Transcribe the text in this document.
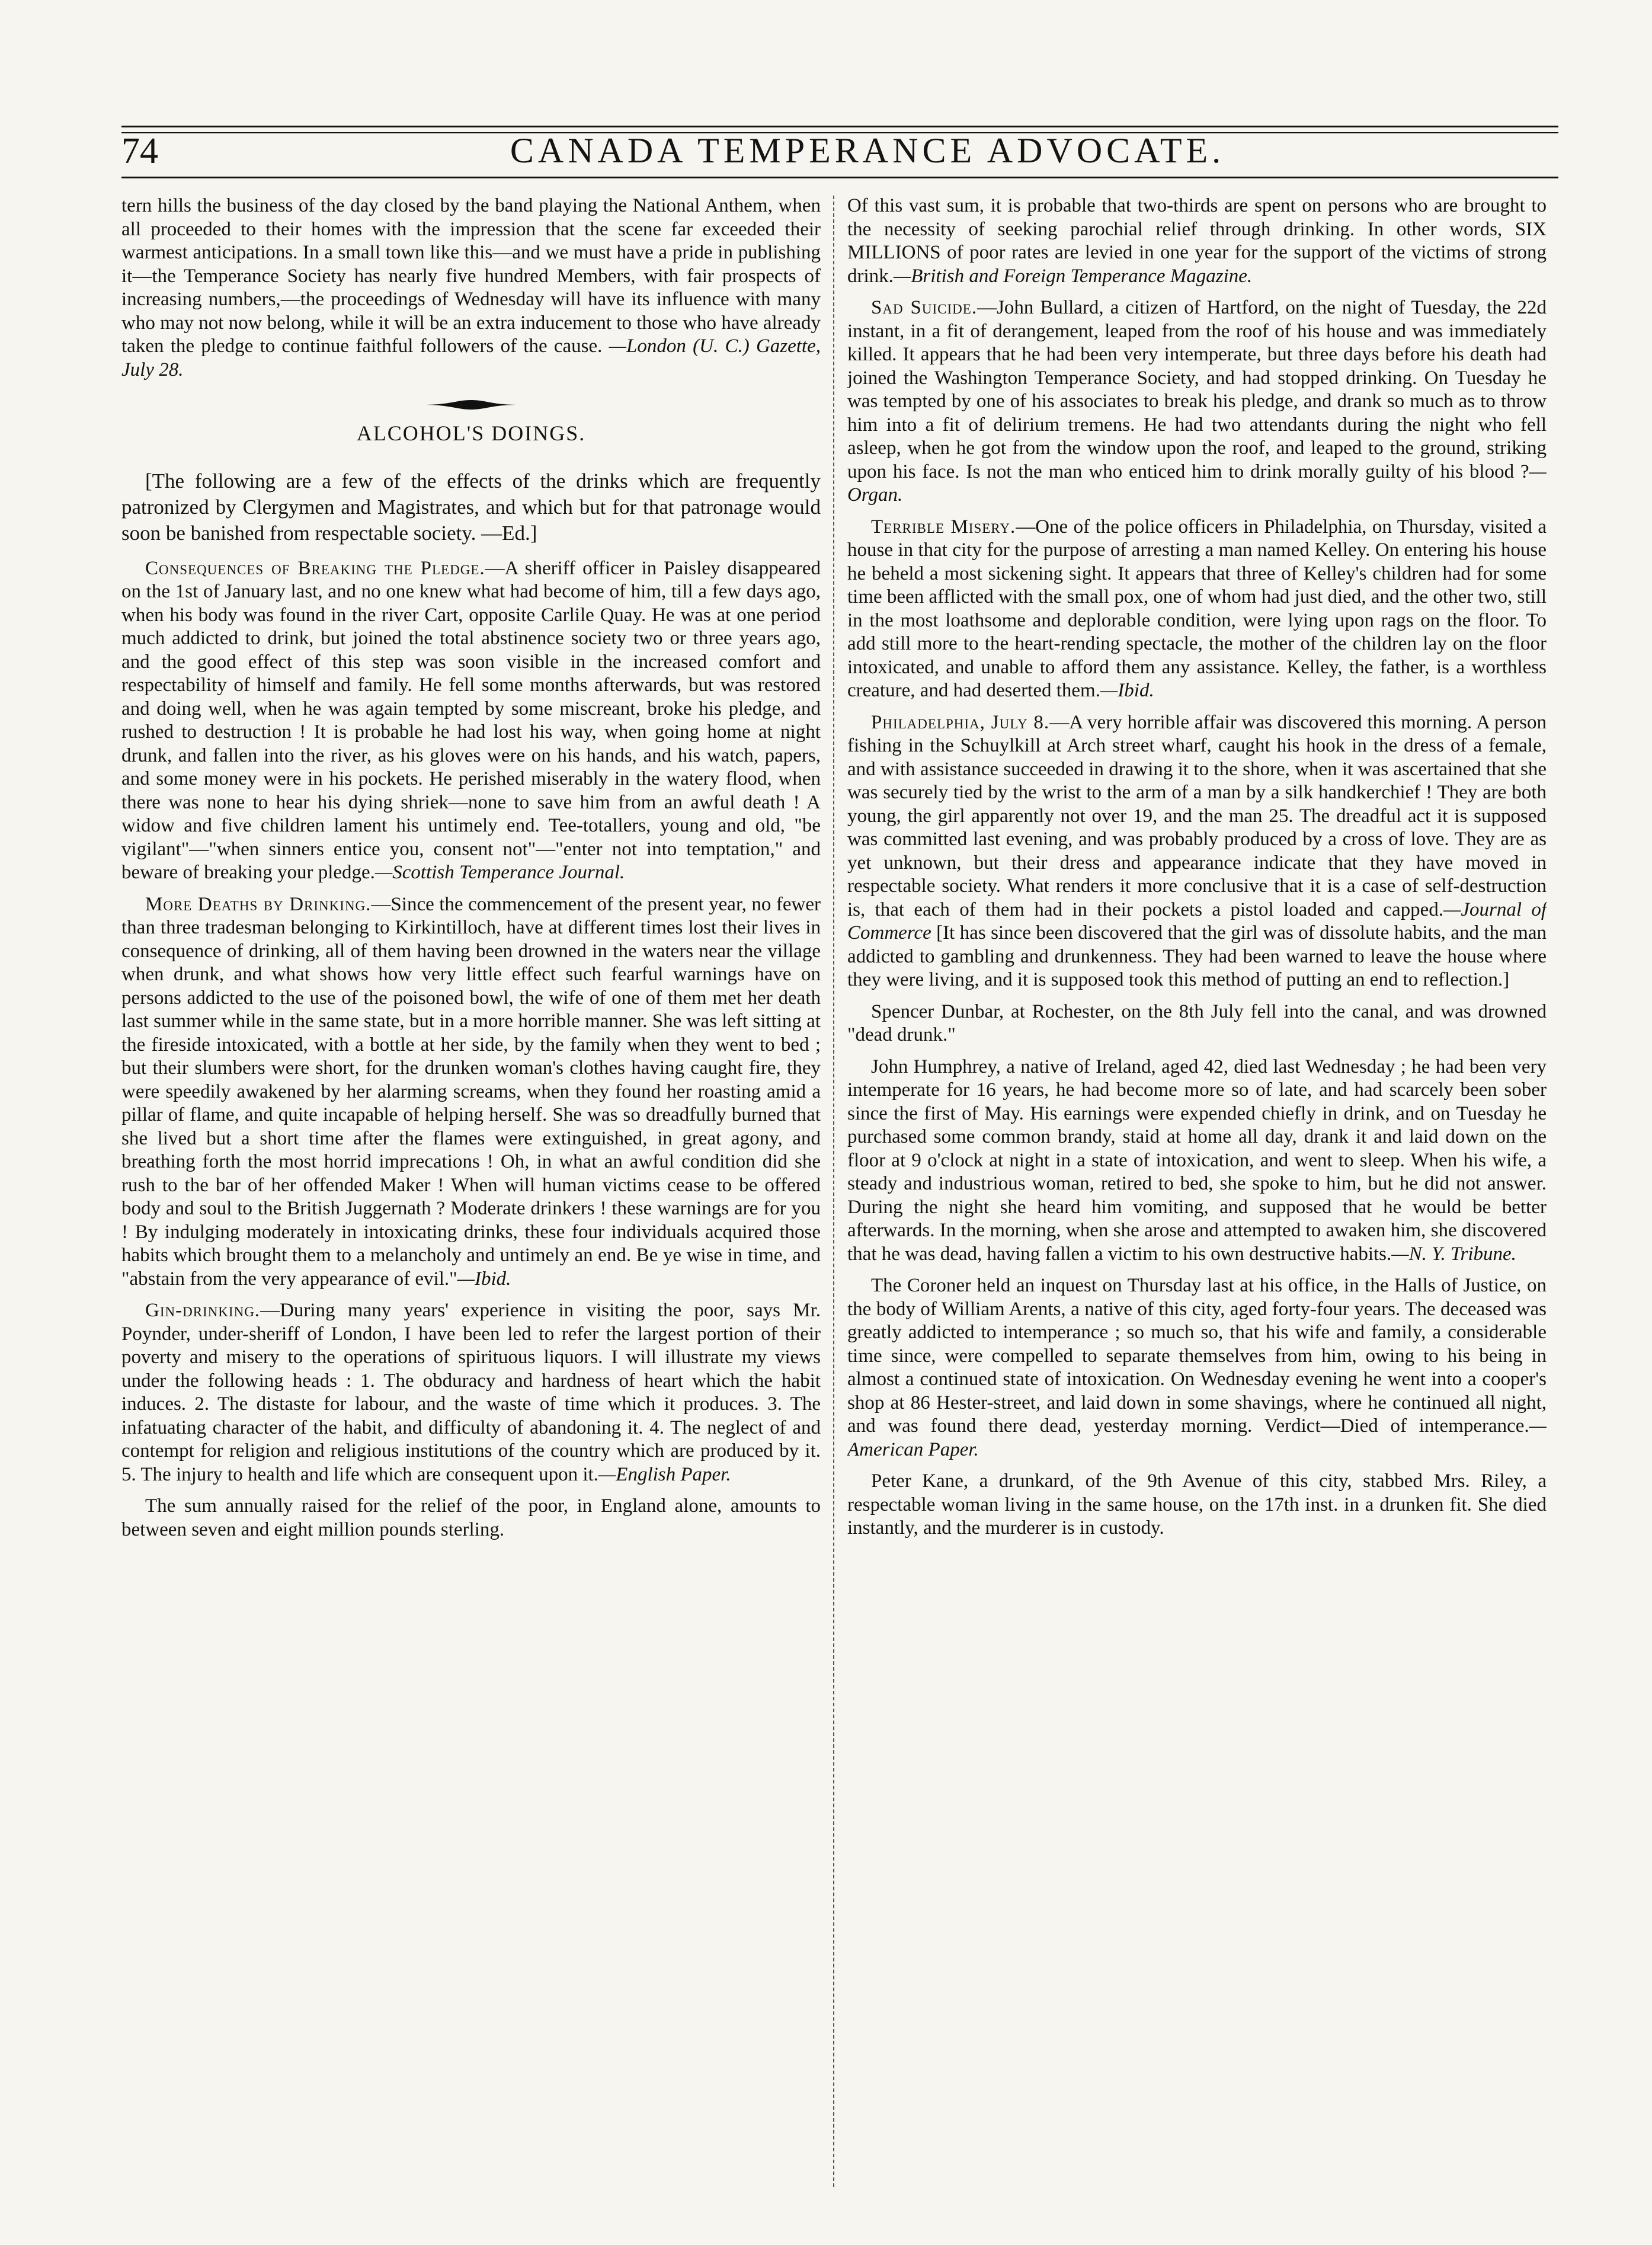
74	CANADA TEMPERANCE ADVOCATE.

tern hills the business of the day closed by the band playing the National Anthem, when all proceeded to their homes with the impression that the scene far exceeded their warmest anticipations. In a small town like this—and we must have a pride in publishing it—the Temperance Society has nearly five hundred Members, with fair prospects of increasing numbers,—the proceedings of Wednesday will have its influence with many who may not now belong, while it will be an extra inducement to those who have already taken the pledge to continue faithful followers of the cause. —London (U. C.) Gazette, July 28.

ALCOHOL'S DOINGS.

[The following are a few of the effects of the drinks which are frequently patronized by Clergymen and Magistrates, and which but for that patronage would soon be banished from respectable society. —Ed.]

Consequences of Breaking the Pledge.—A sheriff officer in Paisley disappeared on the 1st of January last, and no one knew what had become of him, till a few days ago, when his body was found in the river Cart, opposite Carlile Quay. He was at one period much addicted to drink, but joined the total abstinence society two or three years ago, and the good effect of this step was soon visible in the increased comfort and respectability of himself and family. He fell some months afterwards, but was restored and doing well, when he was again tempted by some miscreant, broke his pledge, and rushed to destruction ! It is probable he had lost his way, when going home at night drunk, and fallen into the river, as his gloves were on his hands, and his watch, papers, and some money were in his pockets. He perished miserably in the watery flood, when there was none to hear his dying shriek—none to save him from an awful death ! A widow and five children lament his untimely end. Tee-totallers, young and old, "be vigilant"—"when sinners entice you, consent not"—"enter not into temptation," and beware of breaking your pledge.—Scottish Temperance Journal.

More Deaths by Drinking.—Since the commencement of the present year, no fewer than three tradesman belonging to Kirkintilloch, have at different times lost their lives in consequence of drinking, all of them having been drowned in the waters near the village when drunk, and what shows how very little effect such fearful warnings have on persons addicted to the use of the poisoned bowl, the wife of one of them met her death last summer while in the same state, but in a more horrible manner. She was left sitting at the fireside intoxicated, with a bottle at her side, by the family when they went to bed ; but their slumbers were short, for the drunken woman's clothes having caught fire, they were speedily awakened by her alarming screams, when they found her roasting amid a pillar of flame, and quite incapable of helping herself. She was so dreadfully burned that she lived but a short time after the flames were extinguished, in great agony, and breathing forth the most horrid imprecations ! Oh, in what an awful condition did she rush to the bar of her offended Maker ! When will human victims cease to be offered body and soul to the British Juggernath ? Moderate drinkers ! these warnings are for you ! By indulging moderately in intoxicating drinks, these four individuals acquired those habits which brought them to a melancholy and untimely an end. Be ye wise in time, and "abstain from the very appearance of evil."—Ibid.

Gin-drinking.—During many years' experience in visiting the poor, says Mr. Poynder, under-sheriff of London, I have been led to refer the largest portion of their poverty and misery to the operations of spirituous liquors. I will illustrate my views under the following heads : 1. The obduracy and hardness of heart which the habit induces. 2. The distaste for labour, and the waste of time which it produces. 3. The infatuating character of the habit, and difficulty of abandoning it. 4. The neglect of and contempt for religion and religious institutions of the country which are produced by it. 5. The injury to health and life which are consequent upon it.—English Paper.

The sum annually raised for the relief of the poor, in England alone, amounts to between seven and eight million pounds sterling.

Of this vast sum, it is probable that two-thirds are spent on persons who are brought to the necessity of seeking parochial relief through drinking. In other words, SIX MILLIONS of poor rates are levied in one year for the support of the victims of strong drink.—British and Foreign Temperance Magazine.

Sad Suicide.—John Bullard, a citizen of Hartford, on the night of Tuesday, the 22d instant, in a fit of derangement, leaped from the roof of his house and was immediately killed. It appears that he had been very intemperate, but three days before his death had joined the Washington Temperance Society, and had stopped drinking. On Tuesday he was tempted by one of his associates to break his pledge, and drank so much as to throw him into a fit of delirium tremens. He had two attendants during the night who fell asleep, when he got from the window upon the roof, and leaped to the ground, striking upon his face. Is not the man who enticed him to drink morally guilty of his blood ?—Organ.

Terrible Misery.—One of the police officers in Philadelphia, on Thursday, visited a house in that city for the purpose of arresting a man named Kelley. On entering his house he beheld a most sickening sight. It appears that three of Kelley's children had for some time been afflicted with the small pox, one of whom had just died, and the other two, still in the most loathsome and deplorable condition, were lying upon rags on the floor. To add still more to the heart-rending spectacle, the mother of the children lay on the floor intoxicated, and unable to afford them any assistance. Kelley, the father, is a worthless creature, and had deserted them.—Ibid.

Philadelphia, July 8.—A very horrible affair was discovered this morning. A person fishing in the Schuylkill at Arch street wharf, caught his hook in the dress of a female, and with assistance succeeded in drawing it to the shore, when it was ascertained that she was securely tied by the wrist to the arm of a man by a silk handkerchief ! They are both young, the girl apparently not over 19, and the man 25. The dreadful act it is supposed was committed last evening, and was probably produced by a cross of love. They are as yet unknown, but their dress and appearance indicate that they have moved in respectable society. What renders it more conclusive that it is a case of self-destruction is, that each of them had in their pockets a pistol loaded and capped.—Journal of Commerce [It has since been discovered that the girl was of dissolute habits, and the man addicted to gambling and drunkenness. They had been warned to leave the house where they were living, and it is supposed took this method of putting an end to reflection.]

Spencer Dunbar, at Rochester, on the 8th July fell into the canal, and was drowned "dead drunk."

John Humphrey, a native of Ireland, aged 42, died last Wednesday ; he had been very intemperate for 16 years, he had become more so of late, and had scarcely been sober since the first of May. His earnings were expended chiefly in drink, and on Tuesday he purchased some common brandy, staid at home all day, drank it and laid down on the floor at 9 o'clock at night in a state of intoxication, and went to sleep. When his wife, a steady and industrious woman, retired to bed, she spoke to him, but he did not answer. During the night she heard him vomiting, and supposed that he would be better afterwards. In the morning, when she arose and attempted to awaken him, she discovered that he was dead, having fallen a victim to his own destructive habits.—N. Y. Tribune.

The Coroner held an inquest on Thursday last at his office, in the Halls of Justice, on the body of William Arents, a native of this city, aged forty-four years. The deceased was greatly addicted to intemperance ; so much so, that his wife and family, a considerable time since, were compelled to separate themselves from him, owing to his being in almost a continued state of intoxication. On Wednesday evening he went into a cooper's shop at 86 Hester-street, and laid down in some shavings, where he continued all night, and was found there dead, yesterday morning. Verdict—Died of intemperance.—American Paper.

Peter Kane, a drunkard, of the 9th Avenue of this city, stabbed Mrs. Riley, a respectable woman living in the same house, on the 17th inst. in a drunken fit. She died instantly, and the murderer is in custody.
